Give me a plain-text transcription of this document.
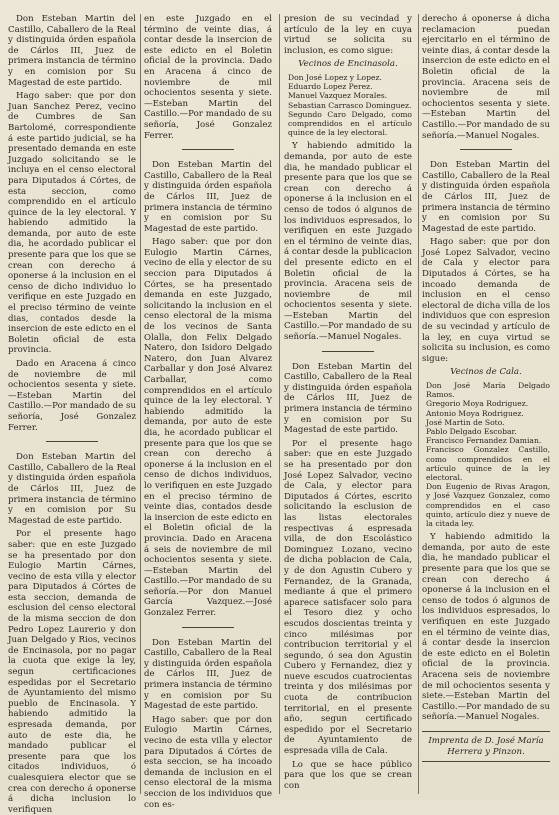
Don Esteban Martin del Castillo, Caballero de la Real y distinguida órden española de Cárlos III, Juez de primera instancia de término y en comision por Su Magestad de este partido.

Hago saber: que por don Juan Sanchez Perez, vecino de Cumbres de San Bartolomé, correspondiente á este partido judicial, se ha presentado demanda en este Juzgado solicitando se le incluya en el censo electoral para Diputados á Córtes, de esta seccion, como comprendido en el artículo quince de la ley electoral. Y habiendo admitido la demanda, por auto de este dia, he acordado publicar el presente para que los que se crean con derecho á oponerse á la inclusion en el censo de dicho individuo lo verifique en este Juzgado en el preciso término de veinte dias, contados desde la insercion de este edicto en el Boletin oficial de esta provincia.

Dado en Aracena á cinco de noviembre de mil ochocientos sesenta y siete.—Esteban Martin del Castillo.—Por mandado de su señoría, José Gonzalez Ferrer.

Don Esteban Martin del Castillo, Caballero de la Real y distinguida órden española de Cárlos III, Juez de primera instancia de término y en comision por Su Magestad de este partido.

Por el presente hago saber: que en este Juzgado se ha presentado por don Eulogio Martin Cárnes, vecino de esta villa y elector para Diputados á Córtes de esta seccion, demanda de esclusion del censo electoral de la misma seccion de don Pedro Lopez Laurerio y don Juan Delgado y Rios, vecinos de Encinasola, por no pagar la cuota que exige la ley, segun certificaciones espedidas por el Secretario de Ayuntamiento del mismo pueblo de Encinasola. Y habiendo admitido la espresada demanda, por auto de este dia, he mandado publicar el presente para que los citados individuos, ó cualesquiera elector que se crea con derecho á oponerse á dicha inclusion lo verifiquen

en este Juzgado en el término de veinte dias, á contar desde la insercion de este edicto en el Boletin oficial de la provincia. Dado en Aracena á cinco de noviembre de mil ochocientos sesenta y siete.—Esteban Martin del Castillo.—Por mandado de su señoría, José Gonzalez Ferrer.

Don Esteban Martin del Castillo, Caballero de la Real y distinguida órden española de Cárlos III, Juez de primera instancia de término y en comision por Su Magestad de este partido.

Hago saber: que por don Eulogio Martin Cárnes, vecino de ella y elector de su seccion para Diputados á Córtes, se ha presentado demanda en este Juzgado, solicitando la inclusion en el censo electoral de la misma de los vecinos de Santa Olalla, don Felix Delgado Natero, don Isidoro Delgado Natero, don Juan Alvarez Carballar y don José Alvarez Carballar, como comprendidos en el artículo quince de la ley electoral. Y habiendo admitido la demanda, por auto de este dia, he acordado publicar el presente para que los que se crean con derecho á oponerse á la inclusion en el censo de dichos individuos, lo verifiquen en este Juzgado en el preciso término de veinte dias, contados desde la insercion de este edicto en el Boletin oficial de la provincia. Dado en Aracena á seis de noviembre de mil ochocientos sesenta y siete.—Esteban Martin del Castillo.—Por mandado de su señoría.—Por don Manuel García Vazquez.—José Gonzalez Ferrer.

Don Esteban Martin del Castillo, Caballero de la Real y distinguida órden española de Cárlos III, Juez de primera instancia de término y en comision por Su Magestad de este partido.

Hago saber: que por don Eulogio Martin Cárnes, vecino de esta villa y elector para Diputados á Córtes de esta seccion, se ha incoado demanda de inclusion en el censo electoral de la misma seccion de los individuos que con es-

presion de su vecindad y artículo de la ley en cuya virtud se solicita su inclusion, es como sigue:

Vecinos de Encinasola.
Don José Lopez y Lopez.
Eduardo Lopez Perez.
Manuel Vazquez Morales.
Sebastian Carrasco Dominguez.
Segundo Caro Delgado, como comprendidos en el artículo quince de la ley electoral.

Y habiendo admitido la demanda, por auto de este dia, he mandado publicar el presente para que los que se crean con derecho á oponerse á la inclusion en el censo de todos ó algunos de los individuos espresados, lo verifiquen en este Juzgado en el término de veinte dias, á contar desde la publicacion del presente edicto en el Boletin oficial de la provincia. Aracena seis de noviembre de mil ochocientos sesenta y siete.—Esteban Martin del Castillo.—Por mandado de su señoría.—Manuel Nogales.

Don Esteban Martin del Castillo, Caballero de la Real y distinguida órden española de Cárlos III, Juez de primera instancia de término y en comision por Su Magestad de este partido.

Por el presente hago saber: que en este Juzgado se ha presentado por don José Lopez Salvador, vecino de Cala, y elector para Diputados á Córtes, escrito solicitando la esclusion de las listas electorales respectivas á espresada villa, de don Escolástico Dominguez Lozano, vecino de dicha poblacion de Cala, y de don Agustin Cubero y Fernandez, de la Granada, mediante á que el primero aparece satisfacer solo para el Tesoro diez y ocho escudos doscientas treinta y cinco milésimas por contribucion territorial y el segundo, ó sea don Agustin Cubero y Fernandez, diez y nueve escudos cuatrocientas treinta y dos milésimas por cuota de contribucion territorial, en el presente año, segun certificado espedido por el Secretario de Ayuntamiento de espresada villa de Cala.

Lo que se hace público para que los que se crean con

derecho á oponerse á dicha reclamacion puedan ejercitarlo en el término de veinte dias, á contar desde la insercion de este edicto en el Boletin oficial de la provincia. Aracena seis de noviembre de mil ochocientos sesenta y siete.—Esteban Martin del Castillo.—Por mandado de su señoría.—Manuel Nogales.

Don Esteban Martin del Castillo, Caballero de la Real y distinguida órden española de Cárlos III, Juez de primera instancia de término y en comision por Su Magestad de este partido.

Hago saber: que por don José Lopez Salvador, vecino de Cala y elector para Diputados á Córtes, se ha incoado demanda de inclusion en el censo electoral de dicha villa de los individuos que con espresion de su vecindad y artículo de la ley, en cuya virtud se solicita su inclusion, es como sigue:

Vecinos de Cala.
Don José María Delgado Ramos.
Gregorio Moya Rodriguez.
Antonio Moya Rodriguez.
José Martin de Soto.
Pablo Delgado Escobar.
Francisco Fernandez Damian.
Francisco Gonzalez Castillo, como comprendidos en el artículo quince de la ley electoral.
Don Eugenio de Rivas Aragon, y José Vazquez Gonzalez, como comprendidos en el caso quinto, artículo diez y nueve de la citada ley.

Y habiendo admitido la demanda, por auto de este dia, he mandado publicar el presente para que los que se crean con derecho á oponerse á la inclusion en el censo de todos ó algunos de los individuos espresados, lo verifiquen en este Juzgado en el término de veinte dias, á contar desde la insercion de este edicto en el Boletin oficial de la provincia. Aracena seis de noviembre de mil ochocientos sesenta y siete.—Esteban Martin del Castillo.—Por mandado de su señoría.—Manuel Nogales.

Imprenta de D. José María
Herrera y Pinzon.
